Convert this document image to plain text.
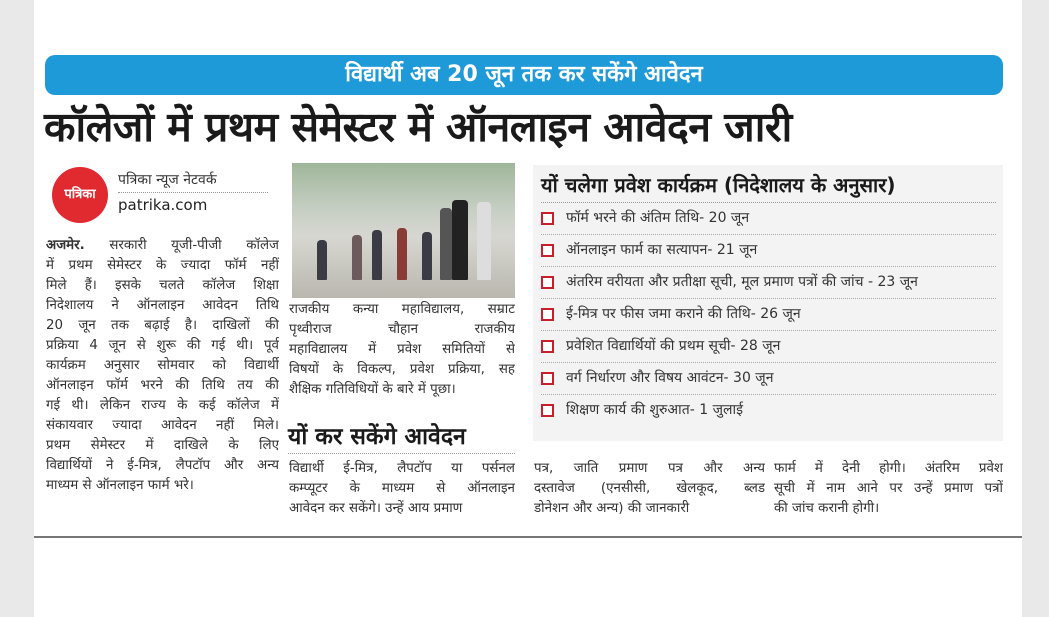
विद्यार्थी अब 20 जून तक कर सकेंगे आवेदन
कॉलेजों में प्रथम सेमेस्टर में ऑनलाइन आवेदन जारी
पत्रिका
पत्रिका न्यूज नेटवर्क
patrika.com
अजमेर. सरकारी यूजी-पीजी कॉलेज
में प्रथम सेमेस्टर के ज्यादा फॉर्म नहीं
मिले हैं। इसके चलते कॉलेज शिक्षा
निदेशालय ने ऑनलाइन आवेदन तिथि
20 जून तक बढ़ाई है। दाखिलों की
प्रक्रिया 4 जून से शुरू की गई थी। पूर्व
कार्यक्रम अनुसार सोमवार को विद्यार्थी
ऑनलाइन फॉर्म भरने की तिथि तय की
गई थी। लेकिन राज्य के कई कॉलेज में
संकायवार ज्यादा आवेदन नहीं मिले।
प्रथम सेमेस्टर में दाखिले के लिए
विद्यार्थियों ने ई-मित्र, लैपटॉप और अन्य
माध्यम से ऑनलाइन फार्म भरे।
राजकीय कन्या महाविद्यालय, सम्राट
पृथ्वीराज चौहान राजकीय
महाविद्यालय में प्रवेश समितियों से
विषयों के विकल्प, प्रवेश प्रक्रिया, सह
शैक्षिक गतिविधियों के बारे में पूछा।
यों कर सकेंगे आवेदन
विद्यार्थी ई-मित्र, लैपटॉप या पर्सनल
कम्प्यूटर के माध्यम से ऑनलाइन
आवेदन कर सकेंगे। उन्हें आय प्रमाण
यों चलेगा प्रवेश कार्यक्रम (निदेशालय के अनुसार)
फॉर्म भरने की अंतिम तिथि- 20 जून
ऑनलाइन फार्म का सत्यापन- 21 जून
अंतरिम वरीयता और प्रतीक्षा सूची, मूल प्रमाण पत्रों की जांच - 23 जून
ई-मित्र पर फीस जमा कराने की तिथि- 26 जून
प्रवेशित विद्यार्थियों की प्रथम सूची- 28 जून
वर्ग निर्धारण और विषय आवंटन- 30 जून
शिक्षण कार्य की शुरुआत- 1 जुलाई
पत्र, जाति प्रमाण पत्र और अन्य
दस्तावेज (एनसीसी, खेलकूद, ब्लड
डोनेशन और अन्य) की जानकारी
फार्म में देनी होगी। अंतरिम प्रवेश
सूची में नाम आने पर उन्हें प्रमाण पत्रों
की जांच करानी होगी।
